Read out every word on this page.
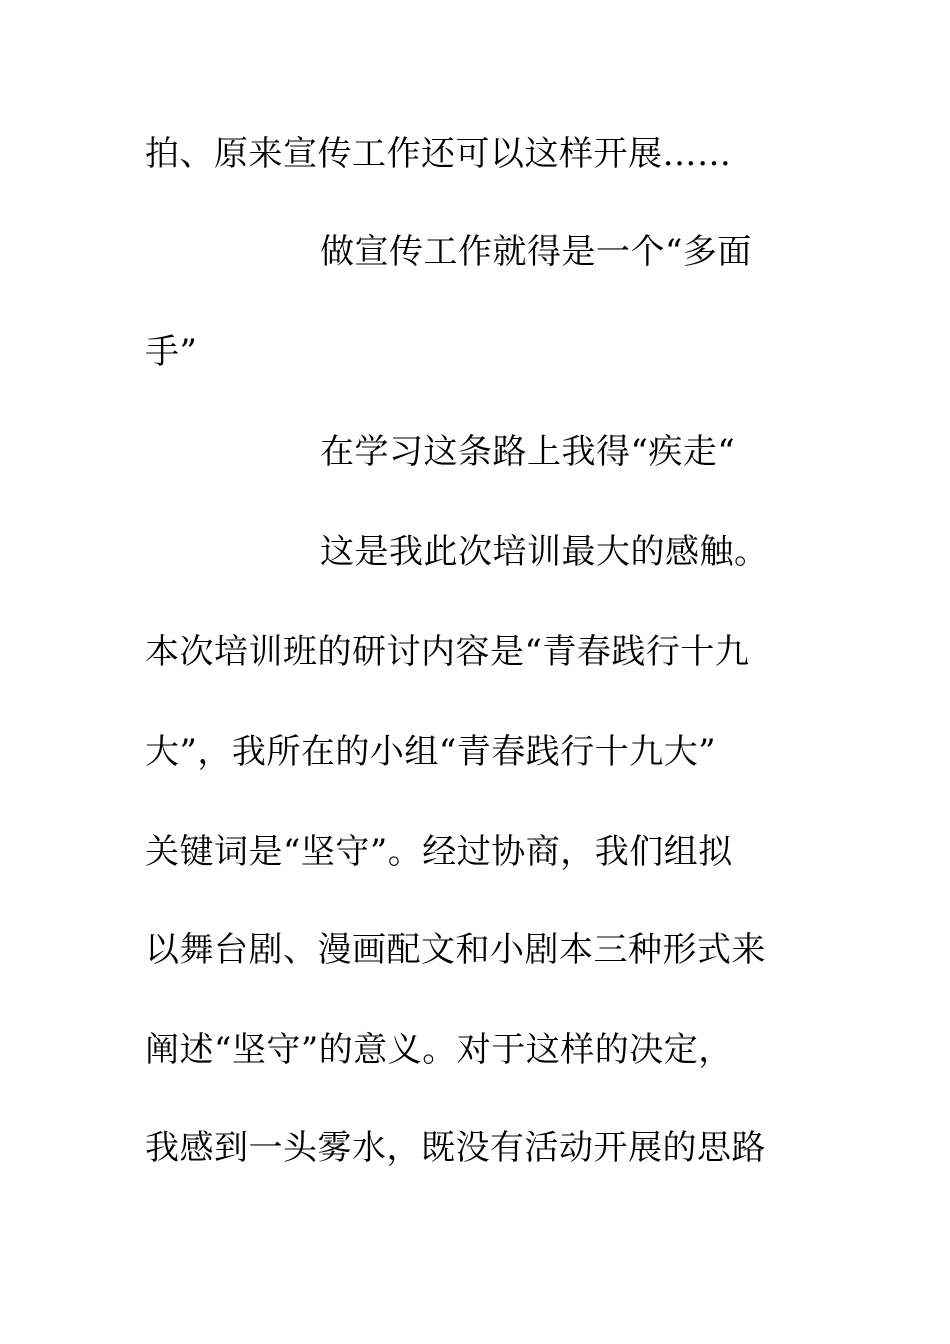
拍、原来宣传工作还可以这样开展……
做宣传工作就得是一个“多面
手”
在学习这条路上我得“疾走“
这是我此次培训最大的感触。
本次培训班的研讨内容是“青春践行十九
大”，我所在的小组“青春践行十九大”
关键词是“坚守”。经过协商，我们组拟
以舞台剧、漫画配文和小剧本三种形式来
阐述“坚守”的意义。对于这样的决定，
我感到一头雾水，既没有活动开展的思路
